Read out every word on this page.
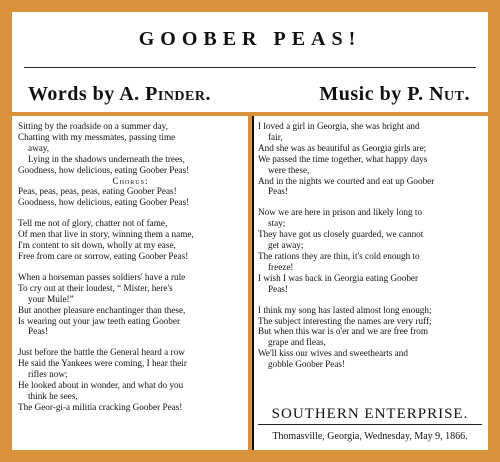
GOOBER PEAS!
Words by A. Pinder.	Music by P. Nut.
Sitting by the roadside on a summer day,
Chatting with my messmates, passing time
away,
Lying in the shadows underneath the trees,
Goodness, how delicious, eating Goober Peas!
Chorus:
Peas, peas, peas, peas, eating Goober Peas!
Goodness, how delicious, eating Goober Peas!
Tell me not of glory, chatter not of fame,
Of men that live in story, winning them a name,
I'm content to sit down, wholly at my ease,
Free from care or sorrow, eating Goober Peas!
When a horseman passes soldiers' have a rule
To cry out at their loudest, “ Mister, here's
your Mule!”
But another pleasure enchantinger than these,
Is wearing out your jaw teeth eating Goober
Peas!
Just before the battle the General heard a row
He said the Yankees were coming, I hear their
rifles now;
He looked about in wonder, and what do you
think he sees,
The Geor-gi-a militia cracking Goober Peas!
I loved a girl in Georgia, she was bright and
fair,
And she was as beautiful as Georgia girls are;
We passed the time together, what happy days
were these,
And in the nights we courted and eat up Goober
Peas!
Now we are here in prison and likely long to
stay;
They have got us closely guarded, we cannot
get away;
The rations they are thin, it's cold enough to
freeze!
I wish I was back in Georgia eating Goober
Peas!
I think my song has lasted almost long enough;
The subject interesting the names are very ruff;
But when this war is o'er and we are free from
grape and fleas,
We'll kiss our wives and sweethearts and
gobble Goober Peas!
SOUTHERN ENTERPRISE.
Thomasville, Georgia, Wednesday, May 9, 1866.
